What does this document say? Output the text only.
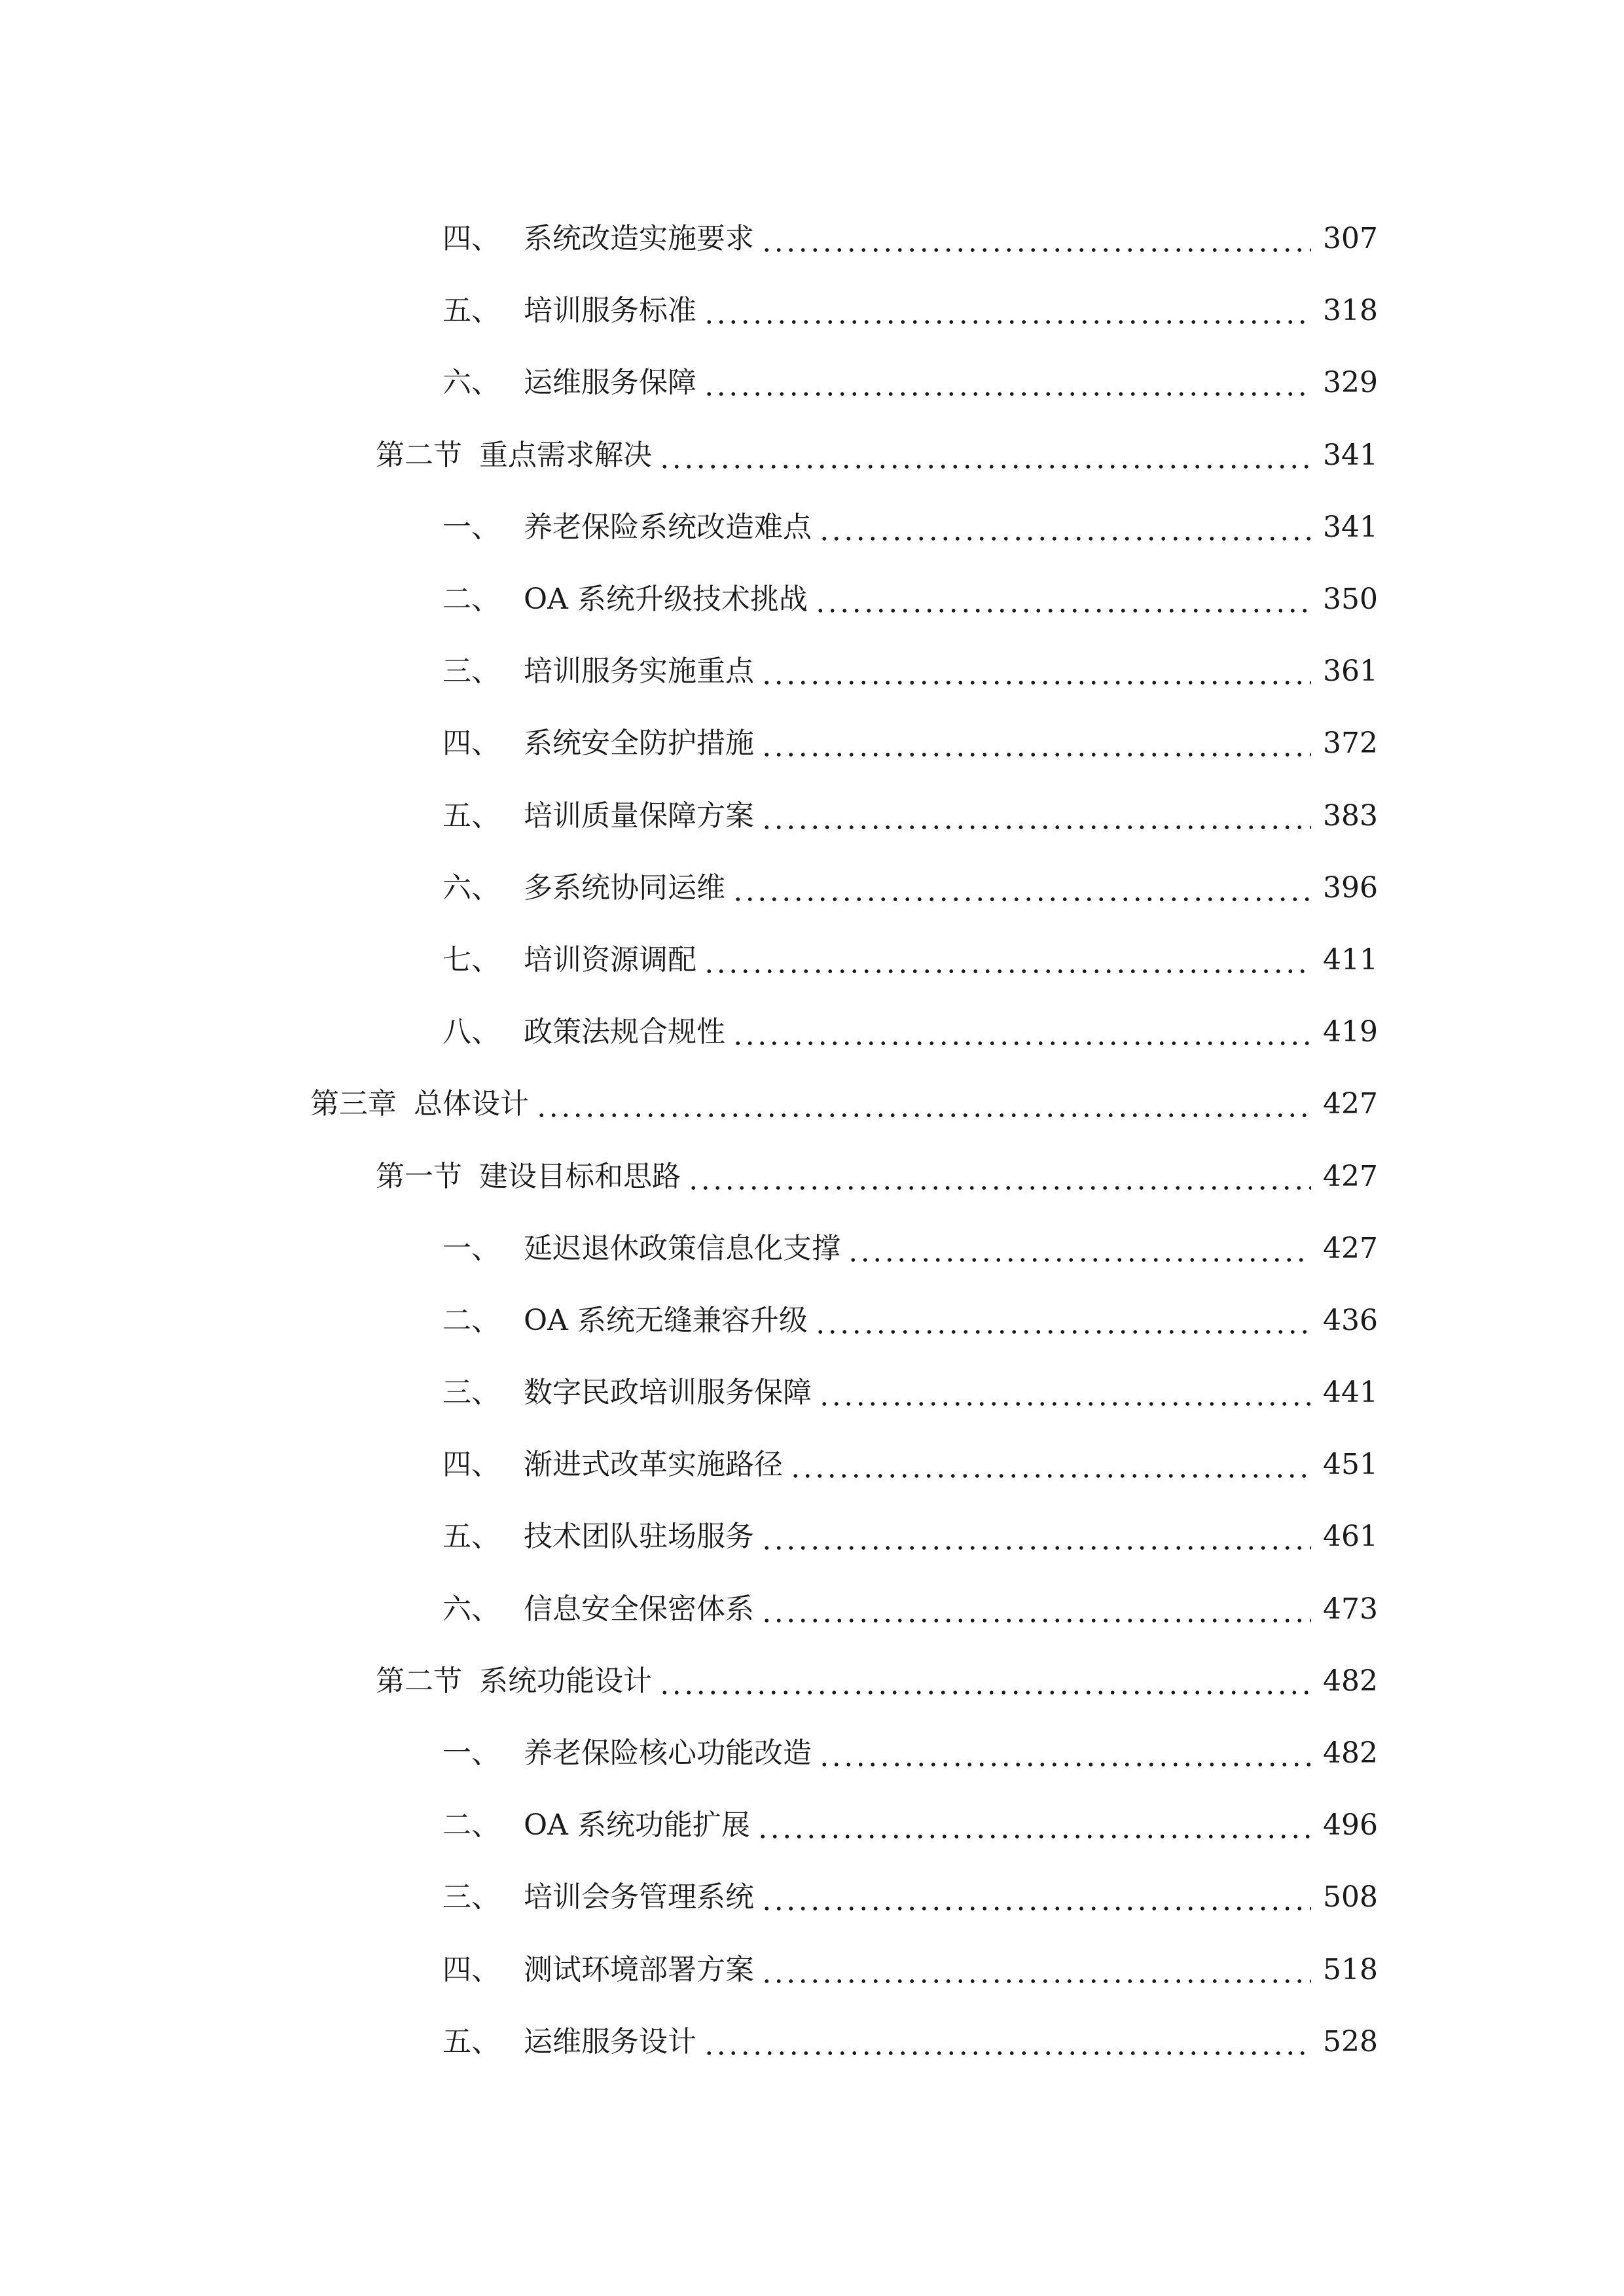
四、 系统改造实施要求	307
五、 培训服务标准	318
六、 运维服务保障	329
第二节 重点需求解决	341
一、 养老保险系统改造难点	341
二、 OA 系统升级技术挑战	350
三、 培训服务实施重点	361
四、 系统安全防护措施	372
五、 培训质量保障方案	383
六、 多系统协同运维	396
七、 培训资源调配	411
八、 政策法规合规性	419
第三章 总体设计	427
第一节 建设目标和思路	427
一、 延迟退休政策信息化支撑	427
二、 OA 系统无缝兼容升级	436
三、 数字民政培训服务保障	441
四、 渐进式改革实施路径	451
五、 技术团队驻场服务	461
六、 信息安全保密体系	473
第二节 系统功能设计	482
一、 养老保险核心功能改造	482
二、 OA 系统功能扩展	496
三、 培训会务管理系统	508
四、 测试环境部署方案	518
五、 运维服务设计	528
